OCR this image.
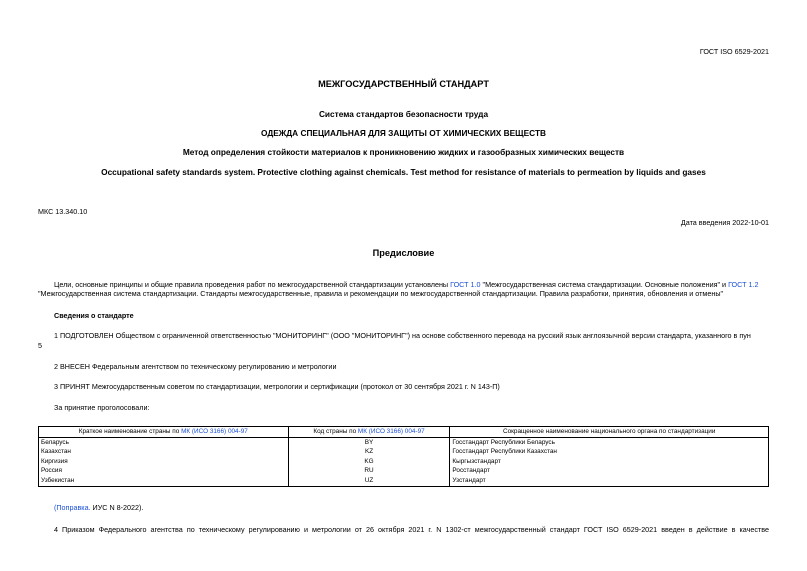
ГОСТ ISO 6529-2021
МЕЖГОСУДАРСТВЕННЫЙ СТАНДАРТ
Система стандартов безопасности труда
ОДЕЖДА СПЕЦИАЛЬНАЯ ДЛЯ ЗАЩИТЫ ОТ ХИМИЧЕСКИХ ВЕЩЕСТВ
Метод определения стойкости материалов к проникновению жидких и газообразных химических веществ
Occupational safety standards system. Protective clothing against chemicals. Test method for resistance of materials to permeation by liquids and gases
МКС 13.340.10
Дата введения 2022-10-01
Предисловие
Цели, основные принципы и общие правила проведения работ по межгосударственной стандартизации установлены ГОСТ 1.0 "Межгосударственная система стандартизации. Основные положения" и ГОСТ 1.2
"Межгосударственная система стандартизации. Стандарты межгосударственные, правила и рекомендации по межгосударственной стандартизации. Правила разработки, принятия, обновления и отмены"
Сведения о стандарте
1 ПОДГОТОВЛЕН Обществом с ограниченной ответственностью "МОНИТОРИНГ" (ООО "МОНИТОРИНГ") на основе собственного перевода на русский язык англоязычной версии стандарта, указанного в пун
5
2 ВНЕСЕН Федеральным агентством по техническому регулированию и метрологии
3 ПРИНЯТ Межгосударственным советом по стандартизации, метрологии и сертификации (протокол от 30 сентября 2021 г. N 143-П)
За принятие проголосовали:
Краткое наименование страны по МК (ИСО 3166) 004-97	Код страны по МК (ИСО 3166) 004-97	Сокращенное наименование национального органа по стандартизации
Беларусь	BY	Госстандарт Республики Беларусь
Казахстан	KZ	Госстандарт Республики Казахстан
Киргизия	KG	Кыргызстандарт
Россия	RU	Росстандарт
Узбекистан	UZ	Узстандарт
(Поправка. ИУС N 8-2022).
4 Приказом Федерального агентства по техническому регулированию и метрологии от 26 октября 2021 г. N 1302-ст межгосударственный стандарт ГОСТ ISO 6529-2021 введен в действие в качестве
